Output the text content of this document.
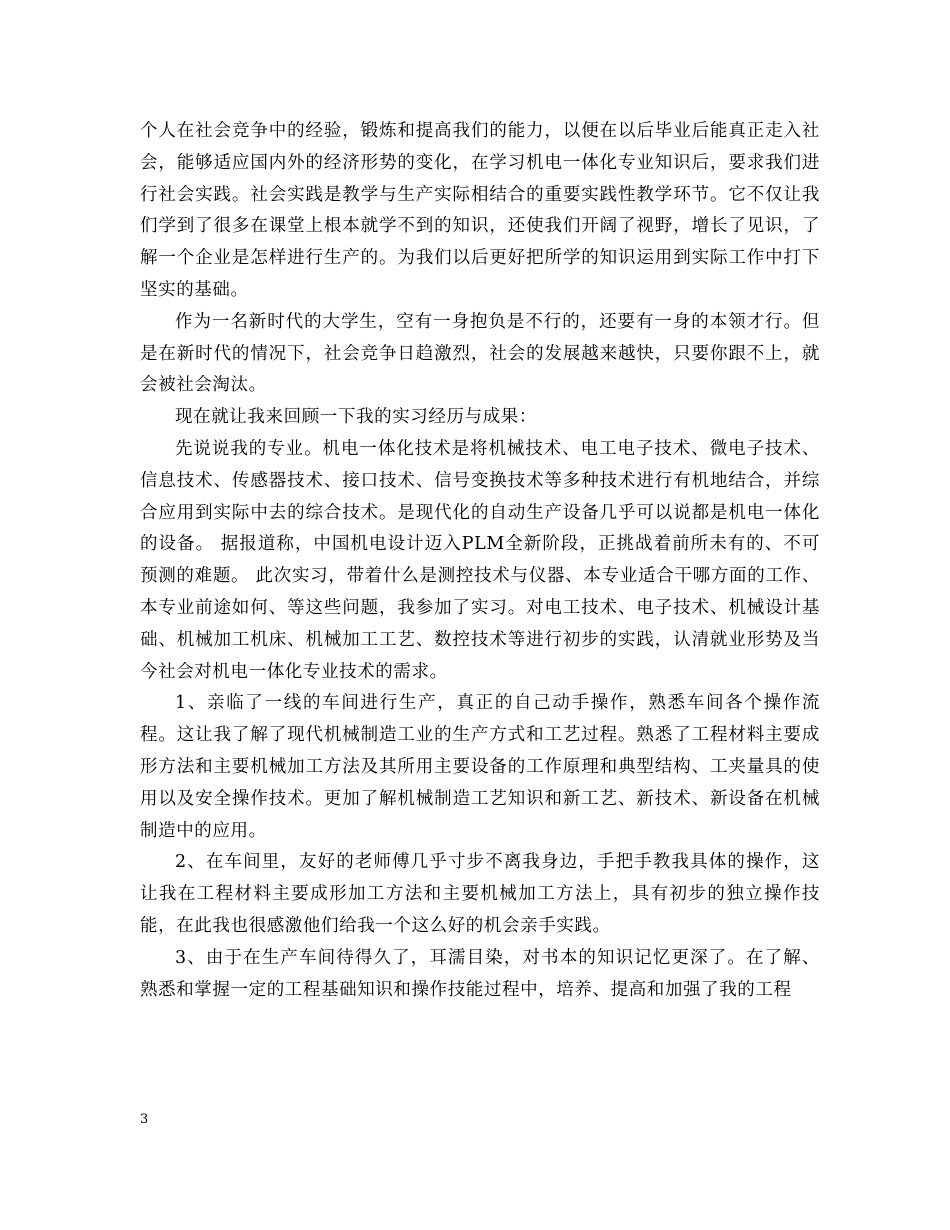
个人在社会竞争中的经验，锻炼和提高我们的能力，以便在以后毕业后能真正走入社会，能够适应国内外的经济形势的变化，在学习机电一体化专业知识后，要求我们进行社会实践。社会实践是教学与生产实际相结合的重要实践性教学环节。它不仅让我们学到了很多在课堂上根本就学不到的知识，还使我们开阔了视野，增长了见识，了解一个企业是怎样进行生产的。为我们以后更好把所学的知识运用到实际工作中打下坚实的基础。

作为一名新时代的大学生，空有一身抱负是不行的，还要有一身的本领才行。但是在新时代的情况下，社会竞争日趋激烈，社会的发展越来越快，只要你跟不上，就会被社会淘汰。

现在就让我来回顾一下我的实习经历与成果：

先说说我的专业。机电一体化技术是将机械技术、电工电子技术、微电子技术、信息技术、传感器技术、接口技术、信号变换技术等多种技术进行有机地结合，并综合应用到实际中去的综合技术。是现代化的自动生产设备几乎可以说都是机电一体化的设备。 据报道称，中国机电设计迈入PLM全新阶段，正挑战着前所未有的、不可预测的难题。 此次实习，带着什么是测控技术与仪器、本专业适合干哪方面的工作、本专业前途如何、等这些问题，我参加了实习。对电工技术、电子技术、机械设计基础、机械加工机床、机械加工工艺、数控技术等进行初步的实践，认清就业形势及当今社会对机电一体化专业技术的需求。

1、亲临了一线的车间进行生产，真正的自己动手操作，熟悉车间各个操作流程。这让我了解了现代机械制造工业的生产方式和工艺过程。熟悉了工程材料主要成形方法和主要机械加工方法及其所用主要设备的工作原理和典型结构、工夹量具的使用以及安全操作技术。更加了解机械制造工艺知识和新工艺、新技术、新设备在机械制造中的应用。

2、在车间里，友好的老师傅几乎寸步不离我身边，手把手教我具体的操作，这让我在工程材料主要成形加工方法和主要机械加工方法上，具有初步的独立操作技能，在此我也很感激他们给我一个这么好的机会亲手实践。

3、由于在生产车间待得久了，耳濡目染，对书本的知识记忆更深了。在了解、熟悉和掌握一定的工程基础知识和操作技能过程中，培养、提高和加强了我的工程

3
